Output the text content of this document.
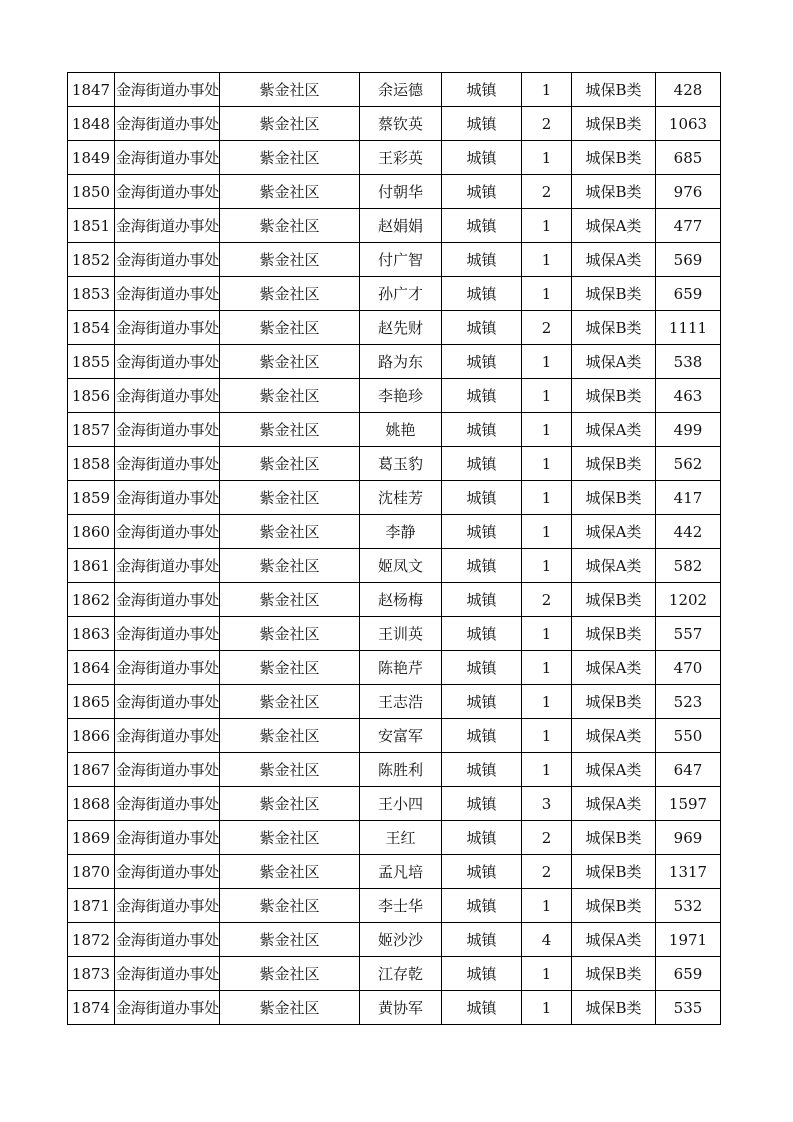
1847	金海街道办事处	紫金社区	余运德	城镇	1	城保B类	428
1848	金海街道办事处	紫金社区	蔡钦英	城镇	2	城保B类	1063
1849	金海街道办事处	紫金社区	王彩英	城镇	1	城保B类	685
1850	金海街道办事处	紫金社区	付朝华	城镇	2	城保B类	976
1851	金海街道办事处	紫金社区	赵娟娟	城镇	1	城保A类	477
1852	金海街道办事处	紫金社区	付广智	城镇	1	城保A类	569
1853	金海街道办事处	紫金社区	孙广才	城镇	1	城保B类	659
1854	金海街道办事处	紫金社区	赵先财	城镇	2	城保B类	1111
1855	金海街道办事处	紫金社区	路为东	城镇	1	城保A类	538
1856	金海街道办事处	紫金社区	李艳珍	城镇	1	城保B类	463
1857	金海街道办事处	紫金社区	姚艳	城镇	1	城保A类	499
1858	金海街道办事处	紫金社区	葛玉豹	城镇	1	城保B类	562
1859	金海街道办事处	紫金社区	沈桂芳	城镇	1	城保B类	417
1860	金海街道办事处	紫金社区	李静	城镇	1	城保A类	442
1861	金海街道办事处	紫金社区	姬凤文	城镇	1	城保A类	582
1862	金海街道办事处	紫金社区	赵杨梅	城镇	2	城保B类	1202
1863	金海街道办事处	紫金社区	王训英	城镇	1	城保B类	557
1864	金海街道办事处	紫金社区	陈艳芹	城镇	1	城保A类	470
1865	金海街道办事处	紫金社区	王志浩	城镇	1	城保B类	523
1866	金海街道办事处	紫金社区	安富军	城镇	1	城保A类	550
1867	金海街道办事处	紫金社区	陈胜利	城镇	1	城保A类	647
1868	金海街道办事处	紫金社区	王小四	城镇	3	城保A类	1597
1869	金海街道办事处	紫金社区	王红	城镇	2	城保B类	969
1870	金海街道办事处	紫金社区	孟凡培	城镇	2	城保B类	1317
1871	金海街道办事处	紫金社区	李士华	城镇	1	城保B类	532
1872	金海街道办事处	紫金社区	姬沙沙	城镇	4	城保A类	1971
1873	金海街道办事处	紫金社区	江存乾	城镇	1	城保B类	659
1874	金海街道办事处	紫金社区	黄协军	城镇	1	城保B类	535
